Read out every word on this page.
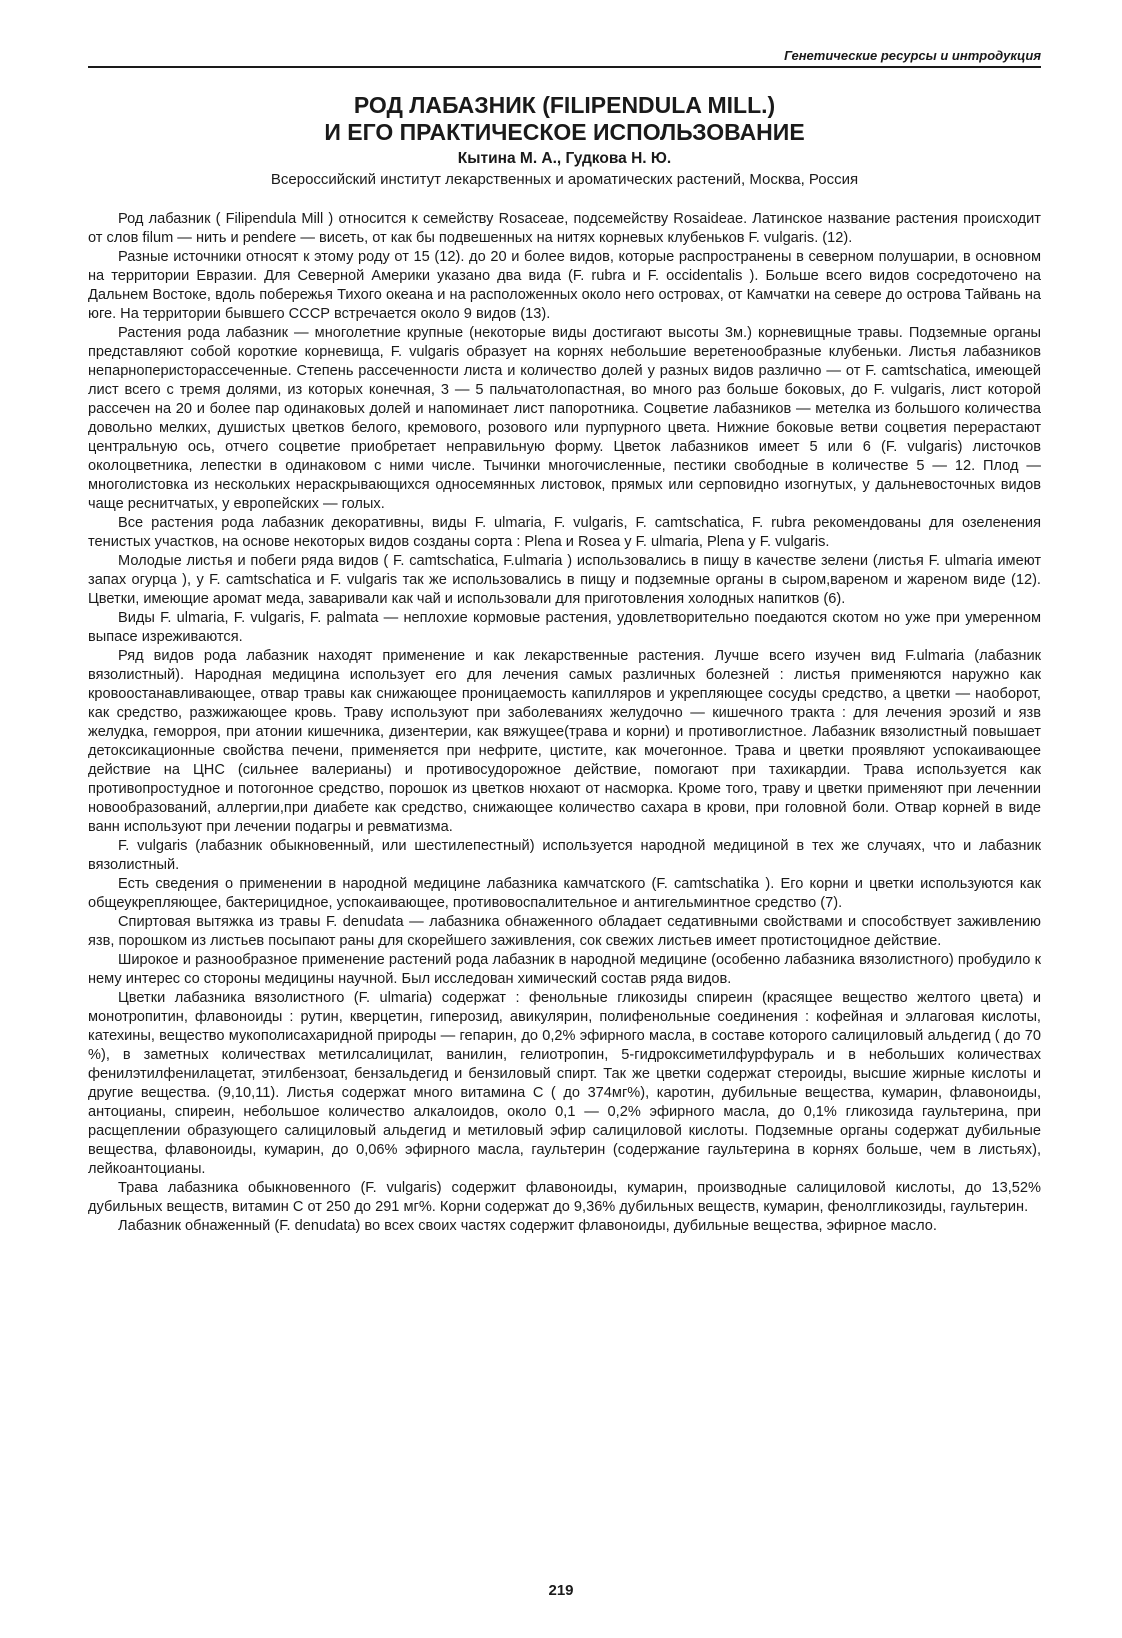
Генетические ресурсы и интродукция
РОД ЛАБАЗНИК (FILIPENDULA MILL.)
И ЕГО ПРАКТИЧЕСКОЕ ИСПОЛЬЗОВАНИЕ
Кытина М. А., Гудкова Н. Ю.
Всероссийский институт лекарственных и ароматических растений, Москва, Россия

Род лабазник ( Filipendula Mill ) относится к семейству Rosaceae, подсемейству Rosaideae. Латинское название растения происходит от слов filum — нить и pendere — висеть, от как бы подвешенных на нитях корневых клубеньков F. vulgaris. (12).

Разные источники относят к этому роду от 15 (12). до 20 и более видов, которые распространены в северном полушарии, в основном на территории Евразии. Для Северной Америки указано два вида (F. rubra и F. occidentalis ). Больше всего видов сосредоточено на Дальнем Востоке, вдоль побережья Тихого океана и на расположенных около него островах, от Камчатки на севере до острова Тайвань на юге. На территории бывшего СССР встречается около 9 видов (13).

Растения рода лабазник — многолетние крупные (некоторые виды достигают высоты 3м.) корневищные травы. Подземные органы представляют собой короткие корневища, F. vulgaris образует на корнях небольшие веретенообразные клубеньки. Листья лабазников непарноперисторассеченные. Степень рассеченности листа и количество долей у разных видов различно — от F. camtschatica, имеющей лист всего с тремя долями, из которых конечная, 3 — 5 пальчатолопастная, во много раз больше боковых, до F. vulgaris, лист которой рассечен на 20 и более пар одинаковых долей и напоминает лист папоротника. Соцветие лабазников — метелка из большого количества довольно мелких, душистых цветков белого, кремового, розового или пурпурного цвета. Нижние боковые ветви соцветия перерастают центральную ось, отчего соцветие приобретает неправильную форму. Цветок лабазников имеет 5 или 6 (F. vulgaris) листочков околоцветника, лепестки в одинаковом с ними числе. Тычинки многочисленные, пестики свободные в количестве 5 — 12. Плод — многолистовка из нескольких нераскрывающихся односемянных листовок, прямых или серповидно изогнутых, у дальневосточных видов чаще реснитчатых, у европейских — голых.

Все растения рода лабазник декоративны, виды F. ulmaria, F. vulgaris, F. camtschatica, F. rubra рекомендованы для озеленения тенистых участков, на основе некоторых видов созданы сорта : Plena и Rosea у F. ulmaria, Plena у F. vulgaris.

Молодые листья и побеги ряда видов ( F. camtschatica, F.ulmaria ) использовались в пищу в качестве зелени (листья F. ulmaria имеют запах огурца ), у F. camtschatica и F. vulgaris так же использовались в пищу и подземные органы в сыром,вареном и жареном виде (12). Цветки, имеющие аромат меда, заваривали как чай и иcпользовали для приготовления холодных напитков (6).

Виды F. ulmaria, F. vulgaris, F. palmata — неплохие кормовые растения, удовлетворительно поедаются скотом но уже при умеренном выпасе изреживаются.

Ряд видов рода лабазник находят применение и как лекарственные растения. Лучше всего изучен вид F.ulmaria (лабазник вязолистный). Народная медицина использует его для лечения самых различных болезней : листья применяются наружно как кровоостанавливающее, отвар травы как снижающее проницаемость капилляров и укрепляющее сосуды средство, а цветки — наоборот, как средство, разжижающее кровь. Траву используют при заболеваниях желудочно — кишечного тракта : для лечения эрозий и язв желудка, геморроя, при атонии кишечника, дизентерии, как вяжущее(трава и корни) и противоглистное. Лабазник вязолистный повышает детоксикационные свойства печени, применяется при нефрите, цистите, как мочегонное. Трава и цветки проявляют успокаивающее действие на ЦНС (сильнее валерианы) и противосудорожное действие, помогают при тахикардии. Трава используется как противопростудное и потогонное средство, порошок из цветков нюхают от насморка. Кроме того, траву и цветки применяют при леченнии новообразований, аллергии,при диабете как средство, снижающее количество сахара в крови, при головной боли. Отвар корней в виде ванн используют при лечении подагры и ревматизма.

F. vulgaris (лабазник обыкновенный, или шестилепестный) используется народной медициной в тех же случаях, что и лабазник вязолистный.

Есть сведения о применении в народной медицине лабазника камчатского (F. camtschatika ). Его корни и цветки используются как общеукрепляющее, бактерицидное, успокаивающее, противовоспалительное и антигельминтное средство (7).

Спиртовая вытяжка из травы F. denudata — лабазника обнаженного обладает седативными свойствами и способствует заживлению язв, порошком из листьев посыпают раны для скорейшего заживления, сок свежих листьев имеет протистоцидное действие.

Широкое и разнообразное применение растений рода лабазник в народной медицине (особенно лабазника вязолистного) пробудило к нему интерес со стороны медицины научной. Был исследован химический состав ряда видов.

Цветки лабазника вязолистного (F. ulmaria) содержат : фенольные гликозиды спиреин (красящее вещество желтого цвета) и монотропитин, флавоноиды : рутин, кверцетин, гиперозид, авикулярин, полифенольные соединения : кофейная и эллаговая кислоты, катехины, вещество мукополисахаридной природы — гепарин, до 0,2% эфирного масла, в составе которого салициловый альдегид ( до 70 %), в заметных количествах метилсалицилат, ванилин, гелиотропин, 5-гидроксиметилфурфураль и в небольших количествах фенилэтилфенилацетат, этилбензоат, бензальдегид и бензиловый спирт. Так же цветки содержат стероиды, высшие жирные кислоты и другие вещества. (9,10,11). Листья содержат много витамина С ( до 374мг%), каротин, дубильные вещества, кумарин, флавоноиды, антоцианы, спиреин, небольшое количество алкалоидов, около 0,1 — 0,2% эфирного масла, до 0,1% гликозида гаультерина, при расщеплении образующего салициловый альдегид и метиловый эфир салициловой кислоты. Подземные органы содержат дубильные вещества, флавоноиды, кумарин, до 0,06% эфирного масла, гаультерин (содержание гаультерина в корнях больше, чем в листьях), лейкоантоцианы.

Трава лабазника обыкновенного (F. vulgaris) содержит флавоноиды, кумарин, производные салициловой кислоты, до 13,52% дубильных веществ, витамин С от 250 до 291 мг%. Корни содержат до 9,36% дубильных веществ, кумарин, фенолгликозиды, гаультерин.

Лабазник обнаженный (F. denudata) во всех своих частях содержит флавоноиды, дубильные вещества, эфирное масло.

219
